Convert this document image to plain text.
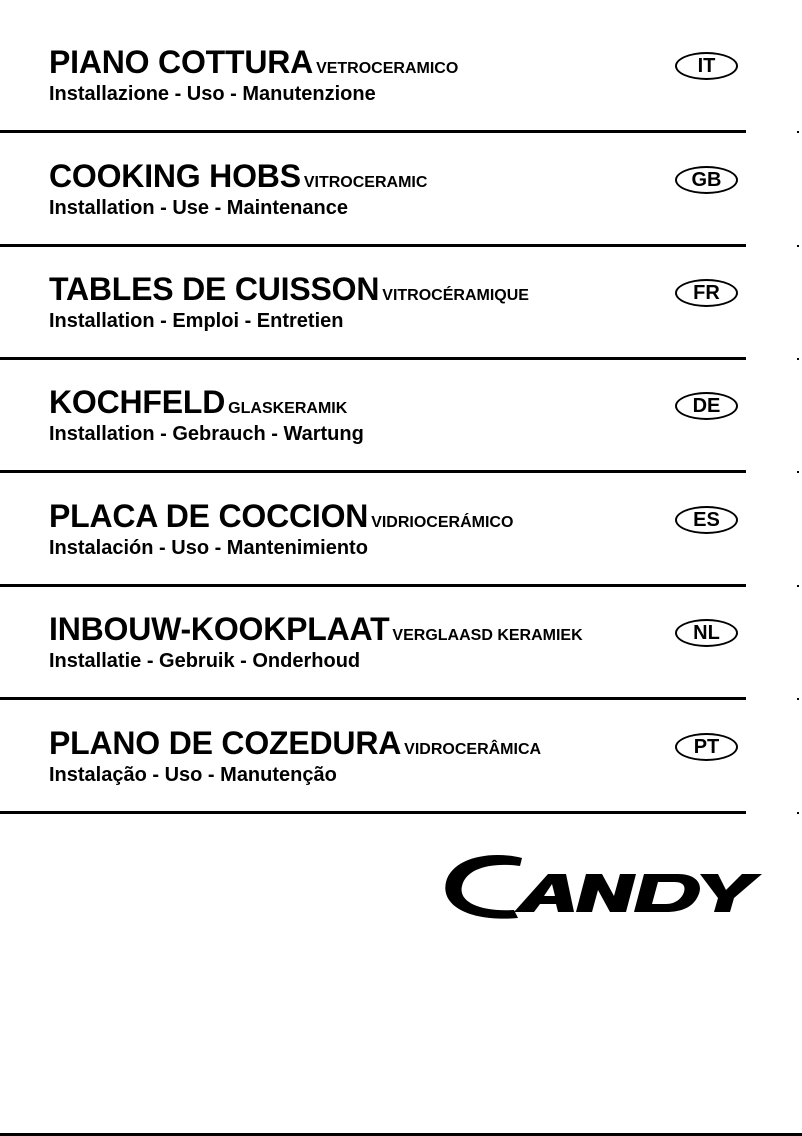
PIANO COTTURA VETROCERAMICO
Installazione - Uso - Manutenzione
IT
COOKING HOBS VITROCERAMIC
Installation - Use - Maintenance
GB
TABLES DE CUISSON VITROCÉRAMIQUE
Installation - Emploi - Entretien
FR
KOCHFELD GLASKERAMIK
Installation - Gebrauch - Wartung
DE
PLACA DE COCCION VIDRIOCERÁMICO
Instalación - Uso - Mantenimiento
ES
INBOUW-KOOKPLAAT VERGLAASD KERAMIEK
Installatie - Gebruik - Onderhoud
NL
PLANO DE COZEDURA VIDROCERÂMICA
Instalação - Uso - Manutenção
PT
